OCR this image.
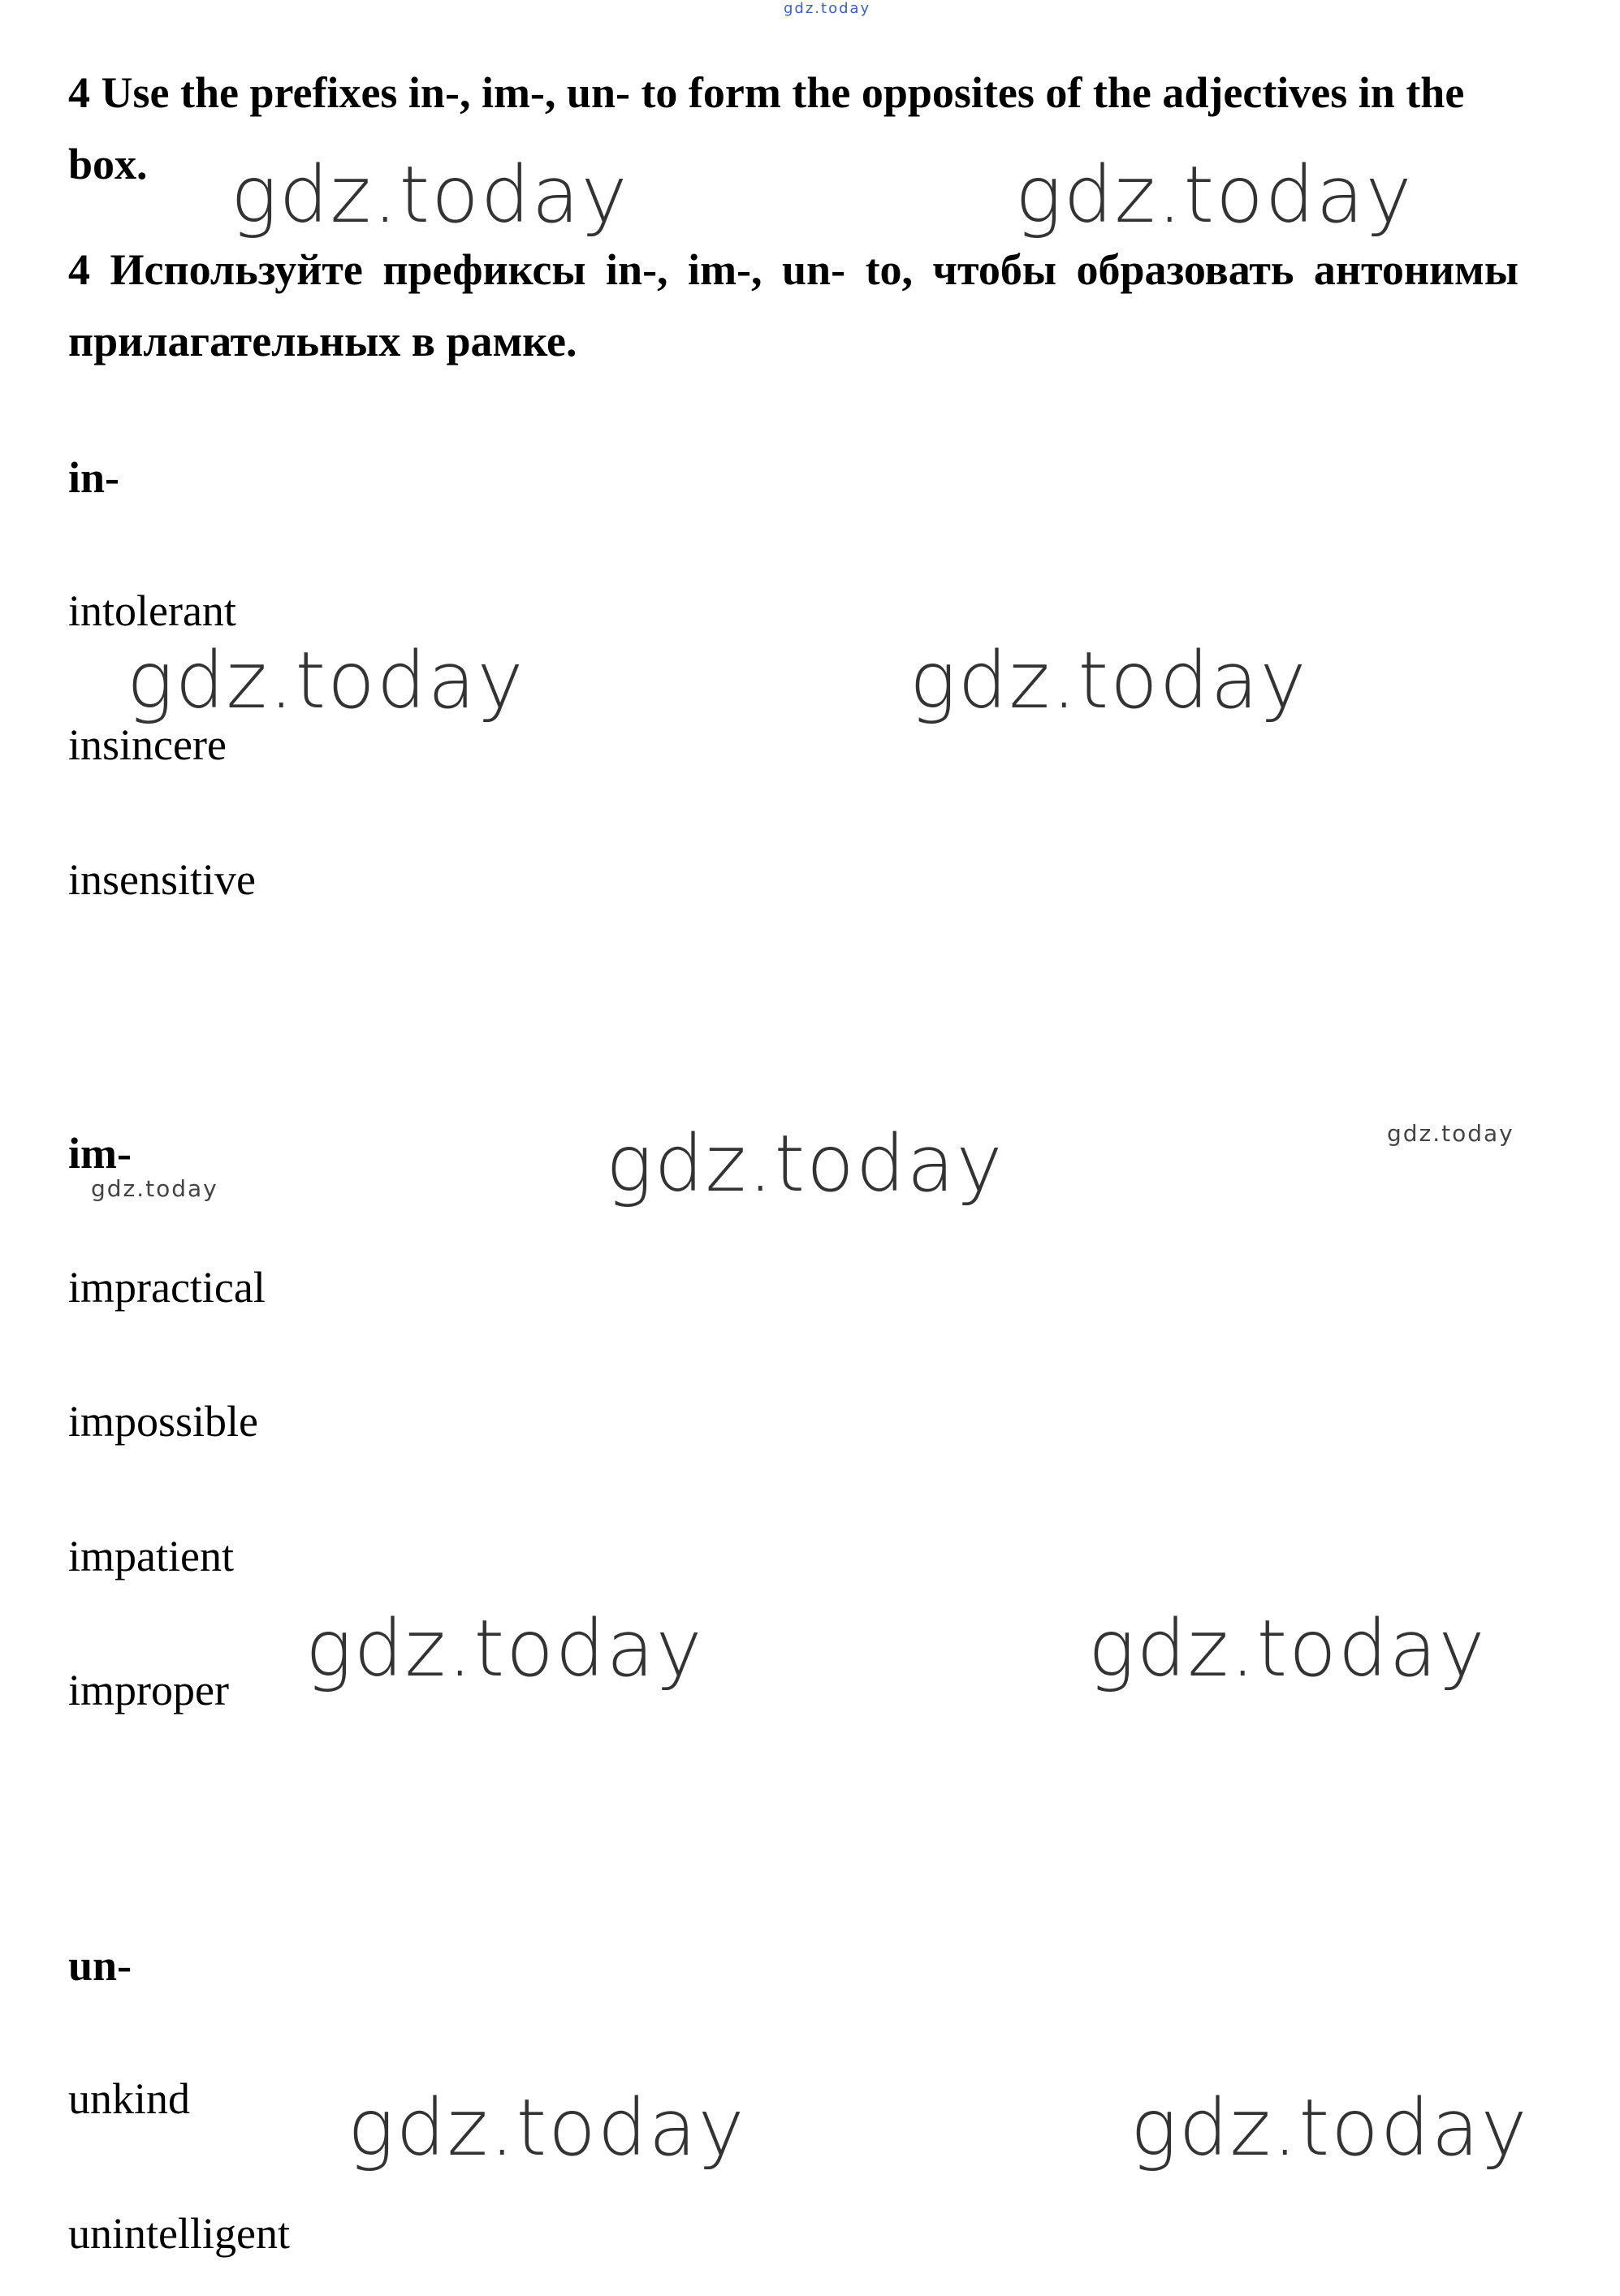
gdz.today

4 Use the prefixes in-, im-, un- to form the opposites of the adjectives in the box.

4 Используйте префиксы in-, im-, un- to, чтобы образовать антонимы прилагательных в рамке.

in-
intolerant
insincere
insensitive
im-
impractical
impossible
impatient
improper
un-
unkind
unintelligent
gdz.today	gdz.today
gdz.today	gdz.today
gdz.today	gdz.today
gdz.today
gdz.today	gdz.today
gdz.today	gdz.today
